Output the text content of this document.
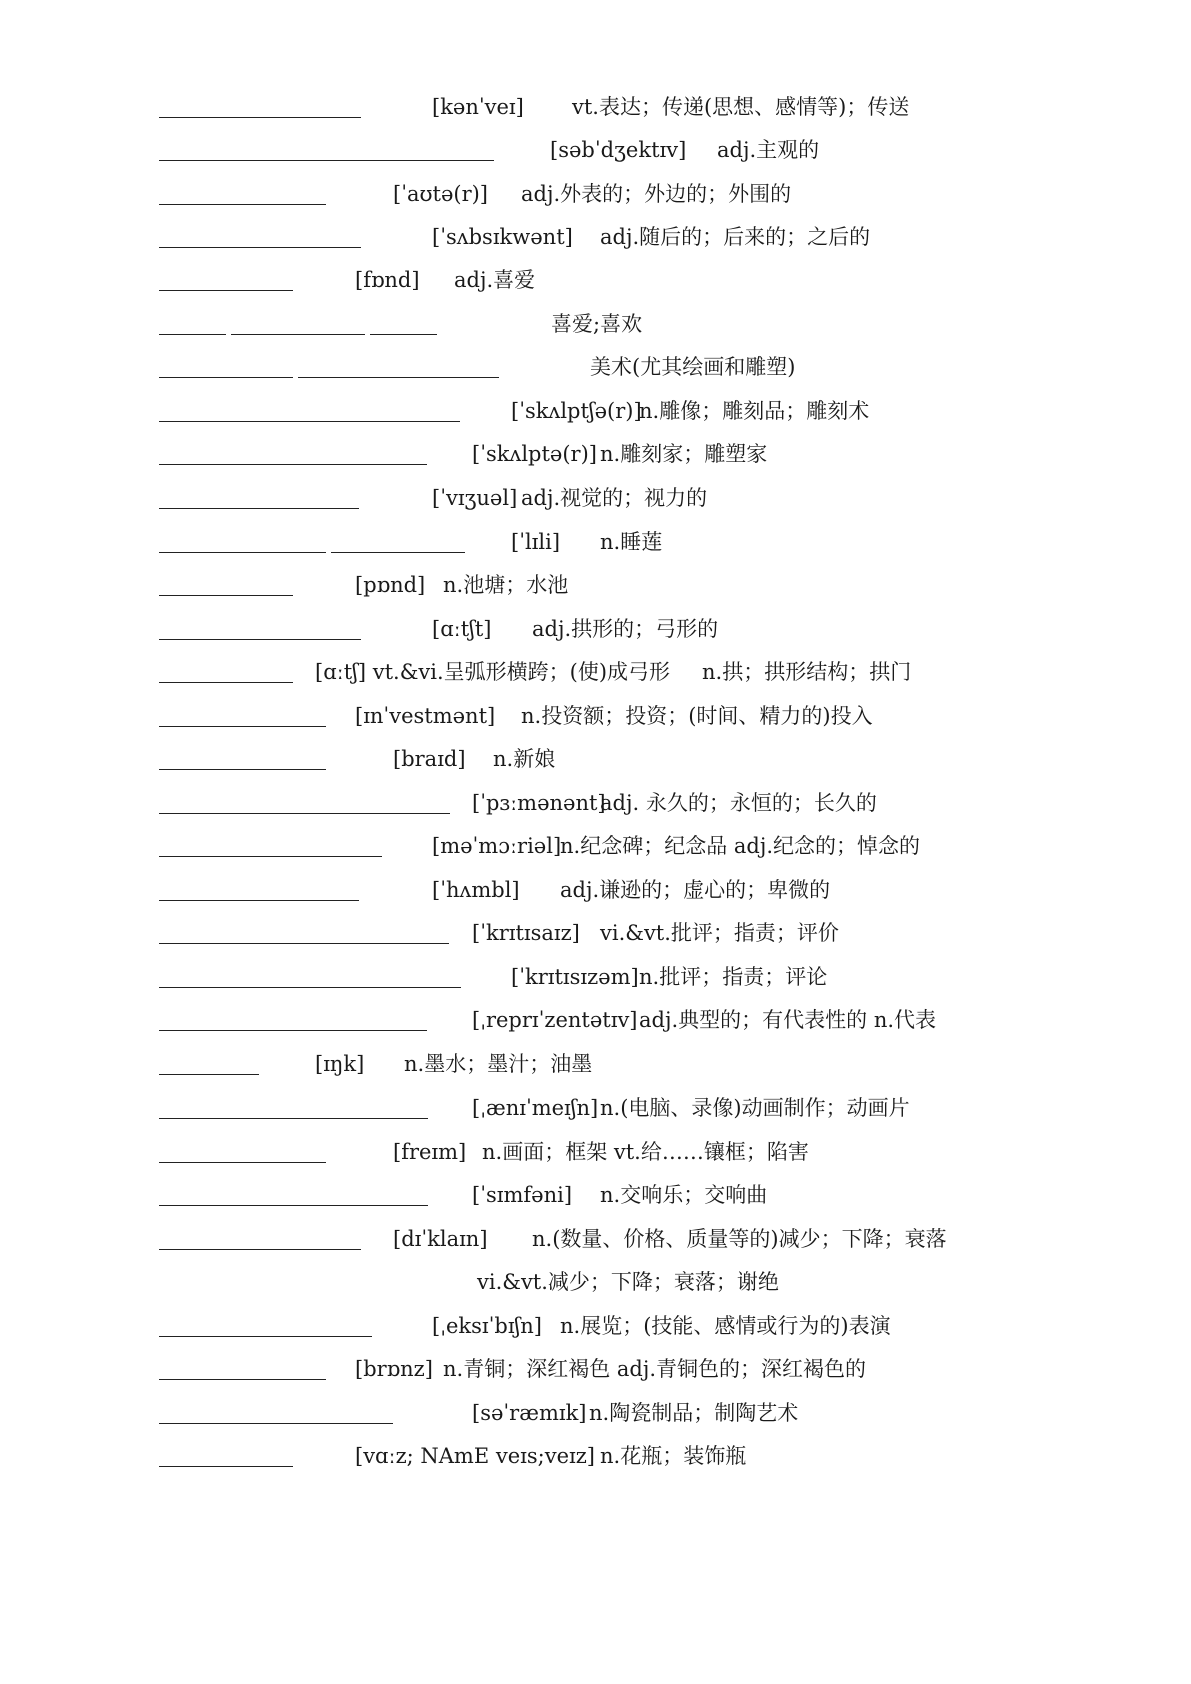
[kənˈveɪ] vt.表达；传递(思想、感情等)；传送
[səbˈdʒektɪv] adj.主观的
[ˈaʊtə(r)] adj.外表的；外边的；外围的
[ˈsʌbsɪkwənt] adj.随后的；后来的；之后的
[fɒnd] adj.喜爱
喜爱;喜欢
美术(尤其绘画和雕塑)
[ˈskʌlptʃə(r)]
n.雕像；雕刻品；雕刻术
[ˈskʌlptə(r)] n.雕刻家；雕塑家
[ˈvɪʒuəl] adj.视觉的；视力的
[ˈlɪli] n.睡莲
[pɒnd] n.池塘；水池
[ɑːtʃt] adj.拱形的；弓形的
[ɑːtʃ] vt.&vi.呈弧形横跨；(使)成弓形 n.拱；拱形结构；拱门
[ɪnˈvestmənt] n.投资额；投资；(时间、精力的)投入
[braɪd] n.新娘
[ˈpɜːmənənt]
adj. 永久的；永恒的；长久的
[məˈmɔːriəl]
n.纪念碑；纪念品 adj.纪念的；悼念的
[ˈhʌmbl] adj.谦逊的；虚心的；卑微的
[ˈkrɪtɪsaɪz] vi.&vt.批评；指责；评价
[ˈkrɪtɪsɪzəm] n.批评；指责；评论
[ˌreprɪˈzentətɪv] adj.典型的；有代表性的 n.代表
[ɪŋk] n.墨水；墨汁；油墨
[ˌænɪˈmeɪʃn] n.(电脑、录像)动画制作；动画片
[freɪm] n.画面；框架 vt.给……镶框；陷害
[ˈsɪmfəni] n.交响乐；交响曲
[dɪˈklaɪn] n.(数量、价格、质量等的)减少；下降；衰落
vi.&vt.减少；下降；衰落；谢绝
[ˌeksɪˈbɪʃn] n.展览；(技能、感情或行为的)表演
[brɒnz] n.青铜；深红褐色 adj.青铜色的；深红褐色的
[səˈræmɪk] n.陶瓷制品；制陶艺术
[vɑːz; NAmE veɪs;veɪz] n.花瓶；装饰瓶
